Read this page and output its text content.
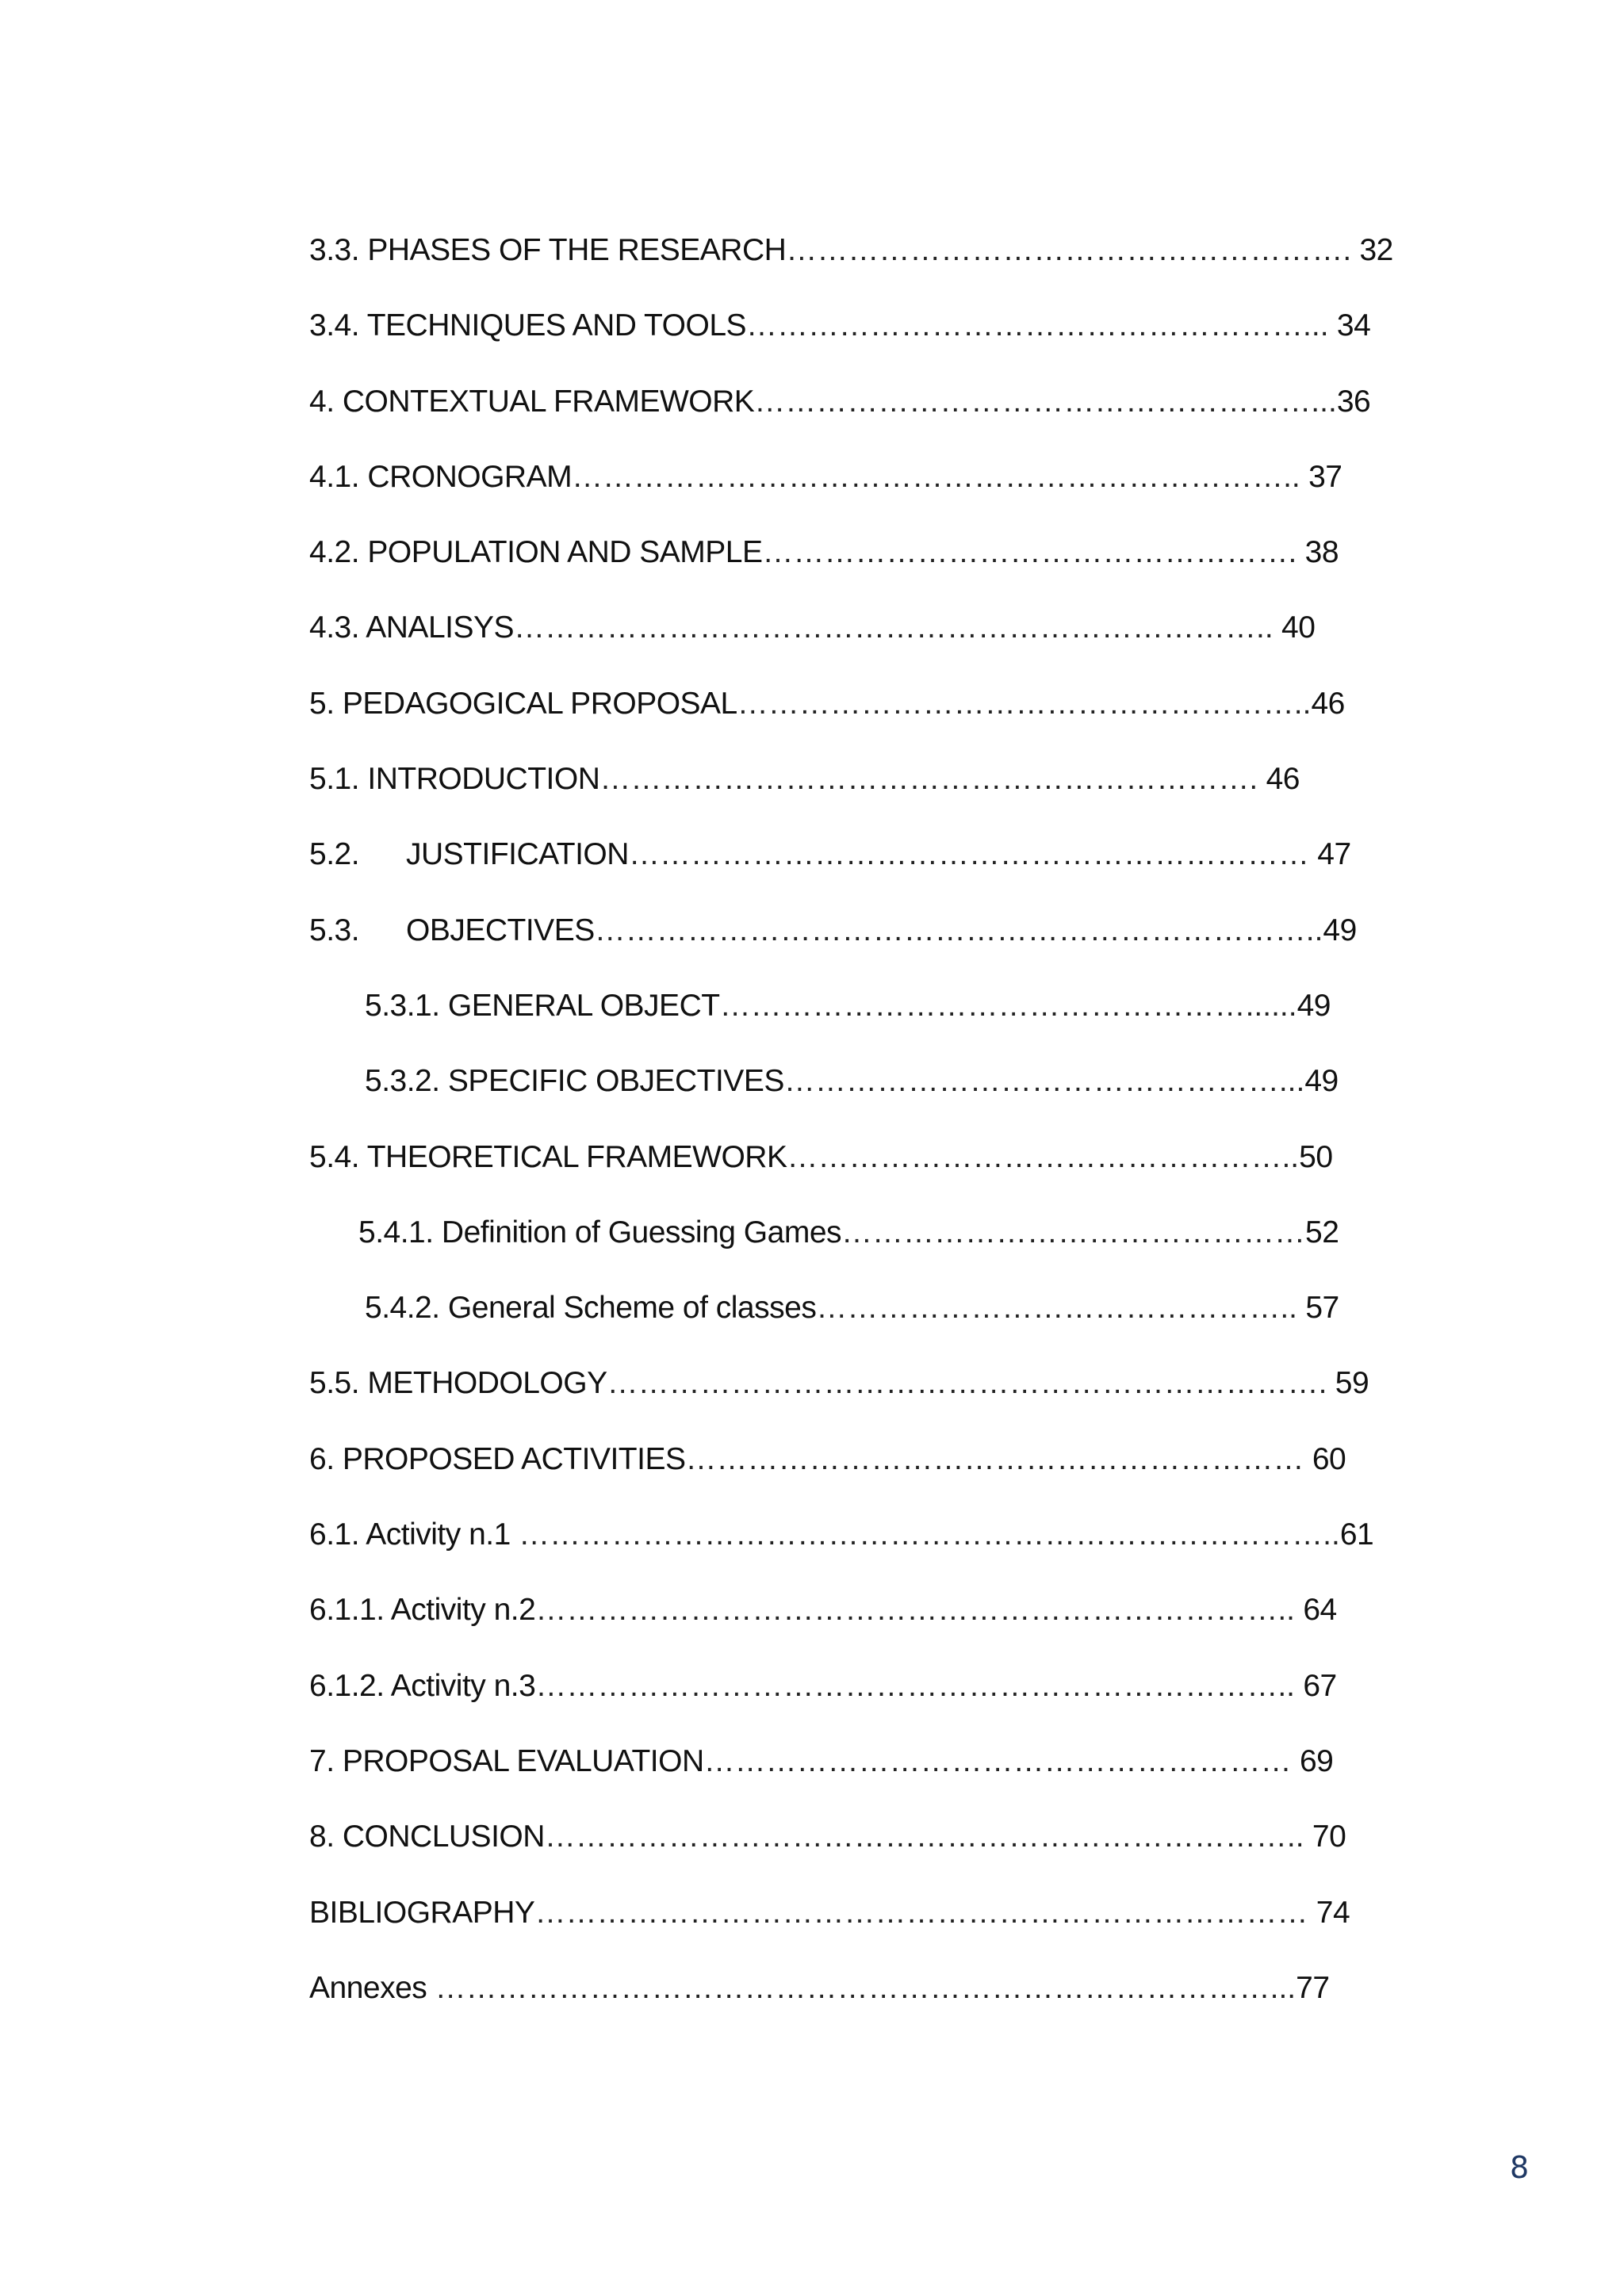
3.3. PHASES OF THE RESEARCH………………………………………………. 32
3.4. TECHNIQUES AND TOOLS………………………………………………... 34
4. CONTEXTUAL FRAMEWORK………………………………………………...36
4.1. CRONOGRAM…………………………………………………………….. 37
4.2. POPULATION AND SAMPLE……………………………………………. 38
4.3. ANALISYS……………………………………………………………….. 40
5. PEDAGOGICAL PROPOSAL………………………………………………..46
5.1. INTRODUCTION………………………………………………………. 46
5.2. JUSTIFICATION………………………………………………………… 47
5.3. OBJECTIVES……………………………………………………………..49
5.3.1. GENERAL OBJECT……………………………………………......49
5.3.2. SPECIFIC OBJECTIVES…………………………………………...49
5.4. THEORETICAL FRAMEWORK…………………………………………..50
5.4.1. Definition of Guessing Games………………………………………52
5.4.2. General Scheme of classes……………………………………….. 57
5.5. METHODOLOGY……………………………………………………………. 59
6. PROPOSED ACTIVITIES…………………………………………………… 60
6.1. Activity n.1 ……………………………………………………………………..61
6.1.1. Activity n.2……………………………………………………………….. 64
6.1.2. Activity n.3……………………………………………………………….. 67
7. PROPOSAL EVALUATION………………………………………………… 69
8. CONCLUSION……………………………………………………………….. 70
BIBLIOGRAPHY………………………………………………………………… 74
Annexes ………………………………………………………………………...77
8
